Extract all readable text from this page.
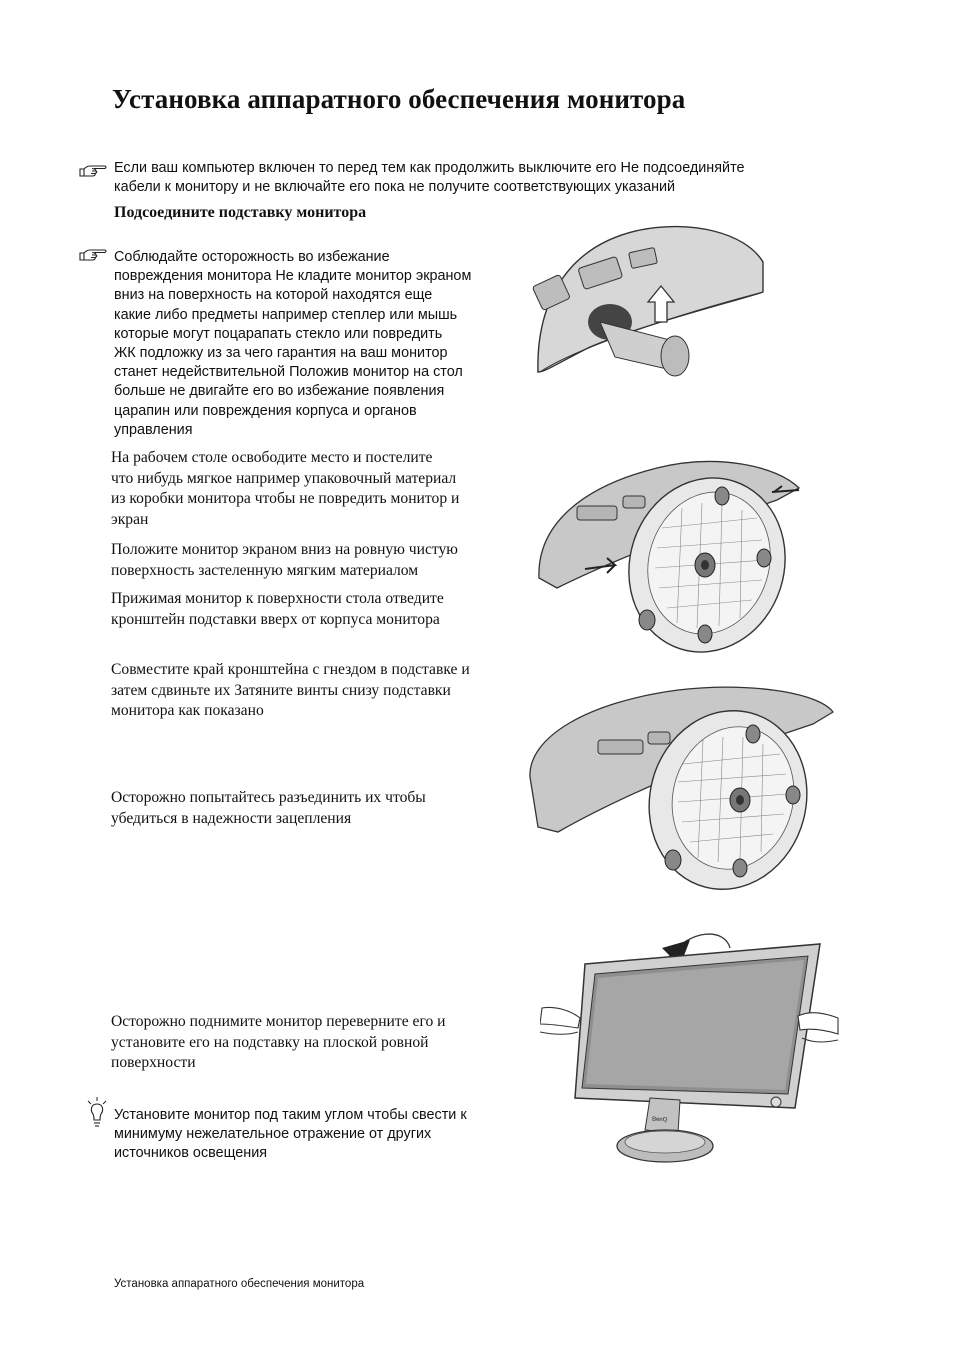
Установка аппаратного обеспечения монитора
Если ваш компьютер включен то перед тем как продолжить выключите его Не подсоединяйте
кабели к монитору и не включайте его пока не получите соответствующих указаний
Подсоедините подставку монитора
Соблюдайте осторожность во избежание
повреждения монитора Не кладите монитор экраном
вниз на поверхность на которой находятся еще
какие либо предметы например степлер или мышь
которые могут поцарапать стекло или повредить
ЖК подложку из за чего гарантия на ваш монитор
станет недействительной Положив монитор на стол
больше не двигайте его во избежание появления
царапин или повреждения корпуса и органов
управления
На рабочем столе освободите место и постелите
что нибудь мягкое например упаковочный материал
из коробки монитора чтобы не повредить монитор и
экран
Положите монитор экраном вниз на ровную чистую
поверхность застеленную мягким материалом
Прижимая монитор к поверхности стола отведите
кронштейн подставки вверх от корпуса монитора
Совместите край кронштейна с гнездом в подставке и
затем сдвиньте их Затяните винты снизу подставки
монитора как показано
Осторожно попытайтесь разъединить их чтобы
убедиться в надежности зацепления
Осторожно поднимите монитор переверните его и
установите его на подставку на плоской ровной
поверхности
Установите монитор под таким углом чтобы свести к
минимуму нежелательное отражение от других
источников освещения
BenQ
Установка аппаратного обеспечения монитора
